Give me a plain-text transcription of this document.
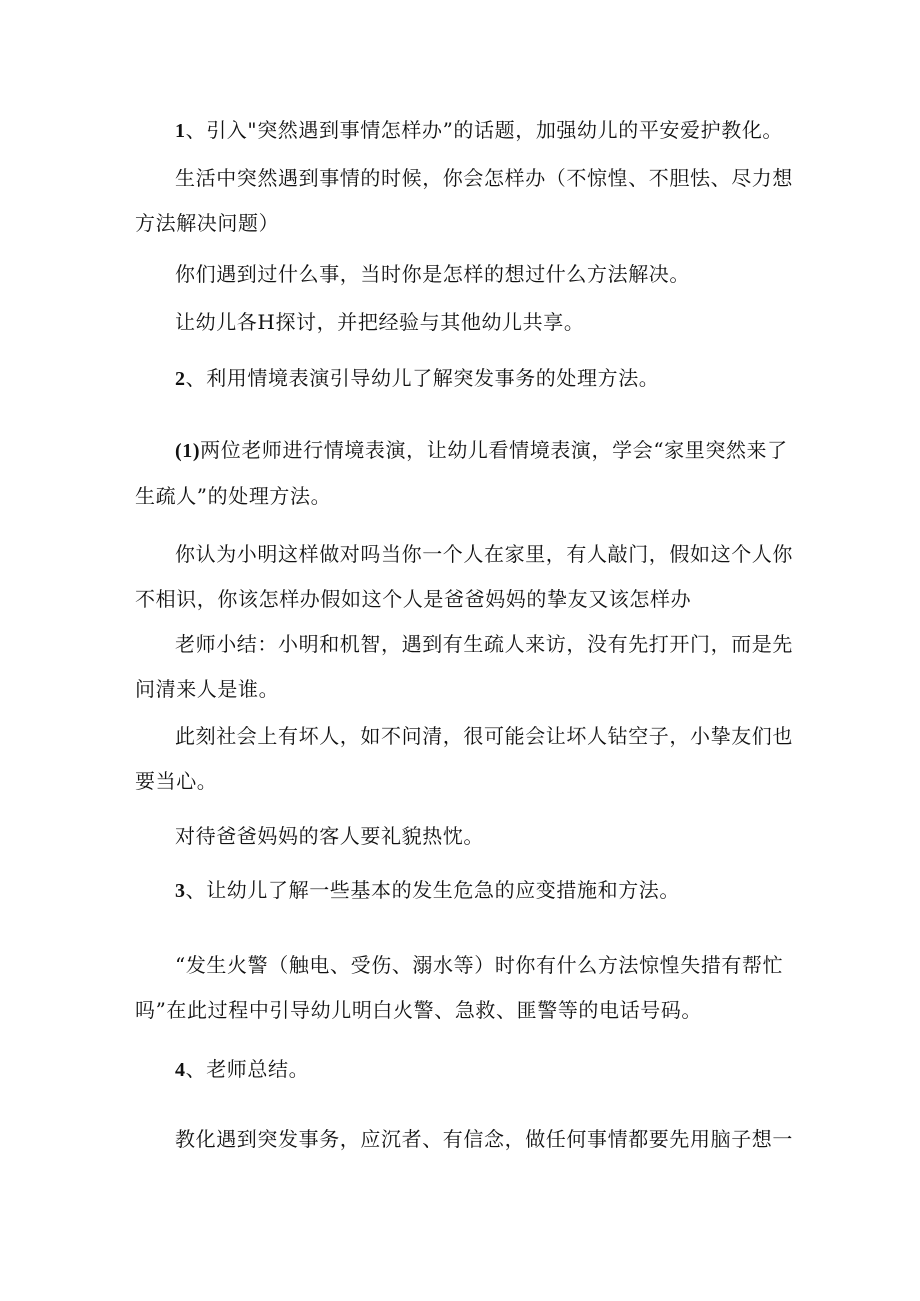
1、引入"突然遇到事情怎样办”的话题，加强幼儿的平安爱护教化。
生活中突然遇到事情的时候，你会怎样办（不惊惶、不胆怯、尽力想方法解决问题）
你们遇到过什么事，当时你是怎样的想过什么方法解决。
让幼儿各H探讨，并把经验与其他幼儿共享。
2、利用情境表演引导幼儿了解突发事务的处理方法。
(1)两位老师进行情境表演，让幼儿看情境表演，学会“家里突然来了生疏人”的处理方法。
你认为小明这样做对吗当你一个人在家里，有人敲门，假如这个人你不相识，你该怎样办假如这个人是爸爸妈妈的挚友又该怎样办
老师小结：小明和机智，遇到有生疏人来访，没有先打开门，而是先问清来人是谁。
此刻社会上有坏人，如不问清，很可能会让坏人钻空子，小挚友们也要当心。
对待爸爸妈妈的客人要礼貌热忱。
3、让幼儿了解一些基本的发生危急的应变措施和方法。
“发生火警（触电、受伤、溺水等）时你有什么方法惊惶失措有帮忙吗”在此过程中引导幼儿明白火警、急救、匪警等的电话号码。
4、老师总结。
教化遇到突发事务，应沉者、有信念，做任何事情都要先用脑子想一
